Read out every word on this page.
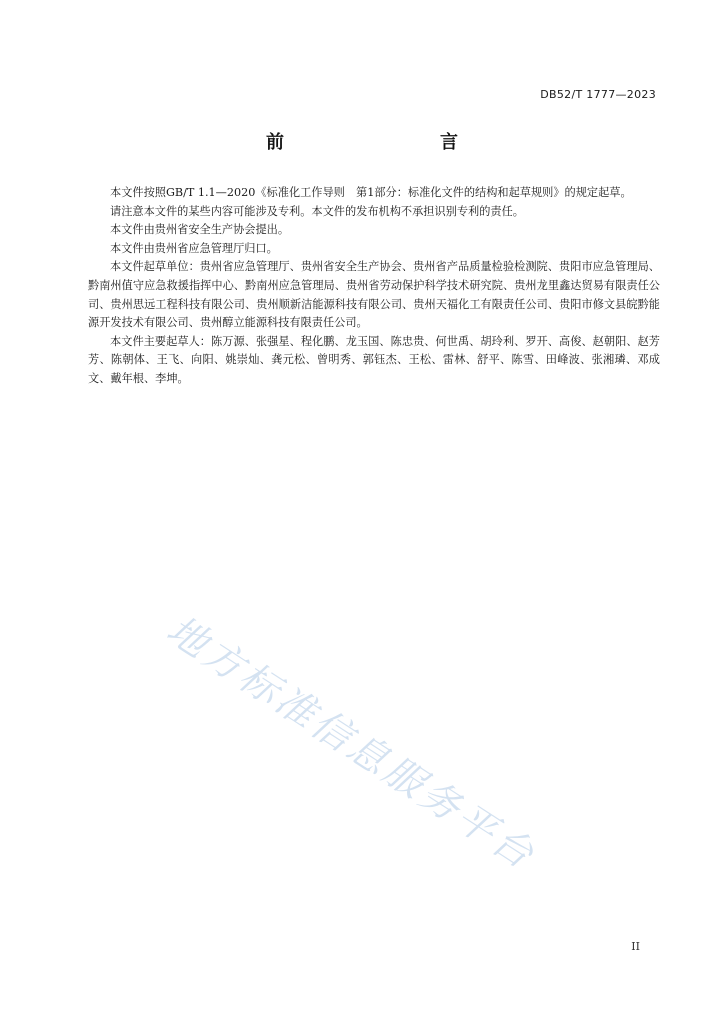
DB52/T 1777—2023
前　　言

本文件按照GB/T 1.1—2020《标准化工作导则　第1部分：标准化文件的结构和起草规则》的规定起草。

请注意本文件的某些内容可能涉及专利。本文件的发布机构不承担识别专利的责任。

本文件由贵州省安全生产协会提出。

本文件由贵州省应急管理厅归口。

本文件起草单位：贵州省应急管理厅、贵州省安全生产协会、贵州省产品质量检验检测院、贵阳市应急管理局、黔南州值守应急救援指挥中心、黔南州应急管理局、贵州省劳动保护科学技术研究院、贵州龙里鑫达贸易有限责任公司、贵州思远工程科技有限公司、贵州顺新洁能源科技有限公司、贵州天福化工有限责任公司、贵阳市修文县皖黔能源开发技术有限公司、贵州醇立能源科技有限责任公司。

本文件主要起草人：陈万源、张强星、程化鹏、龙玉国、陈忠贵、何世禹、胡玲利、罗开、高俊、赵朝阳、赵芳芳、陈朝体、王飞、向阳、姚崇灿、龚元松、曾明秀、郭钰杰、王松、雷林、舒平、陈雪、田峰波、张湘璘、邓成文、戴年根、李坤。

地方标准信息服务平台
II
